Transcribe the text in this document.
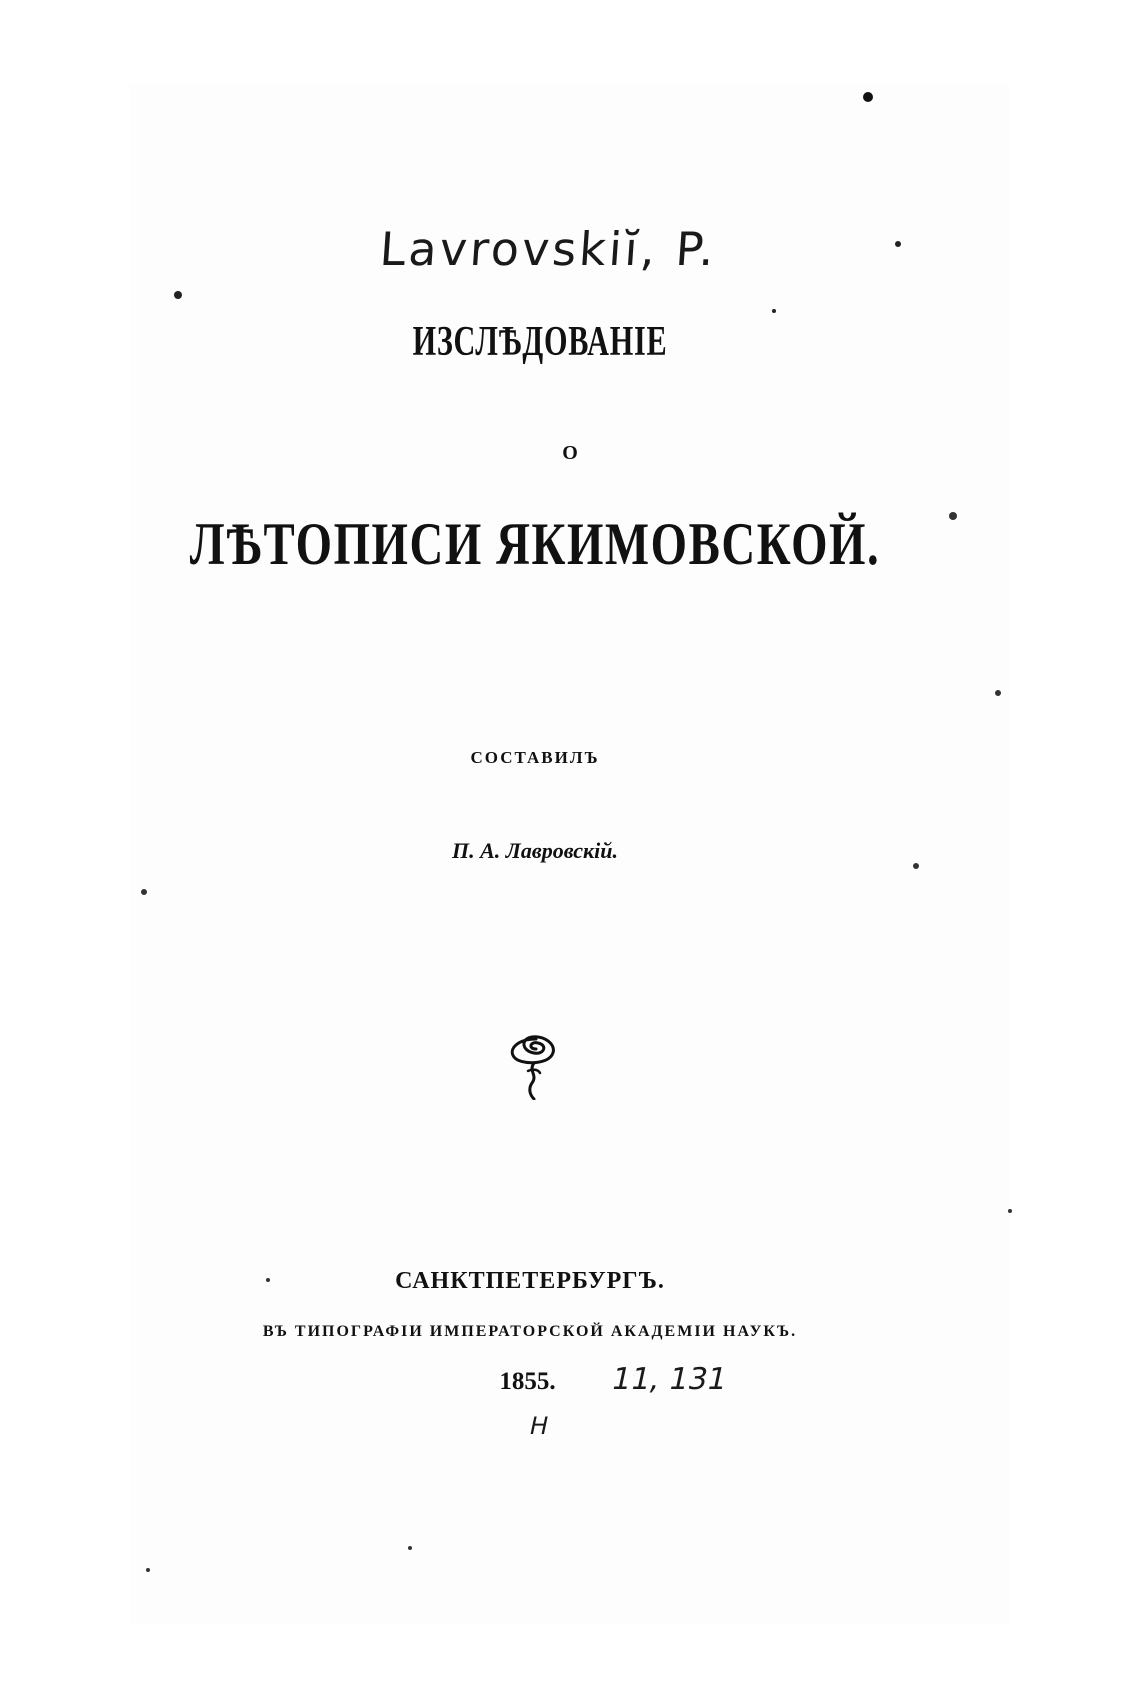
Lavrovskiĭ, P.
ИЗСЛѢДОВАНІЕ
О
ЛѢТОПИСИ ЯКИМОВСКОЙ.
СОСТАВИЛЪ
П. А. Лавровскій.
САНКТПЕТЕРБУРГЪ.
ВЪ ТИПОГРАФІИ ИМПЕРАТОРСКОЙ АКАДЕМІИ НАУКЪ.
1855.	11, 131
H
